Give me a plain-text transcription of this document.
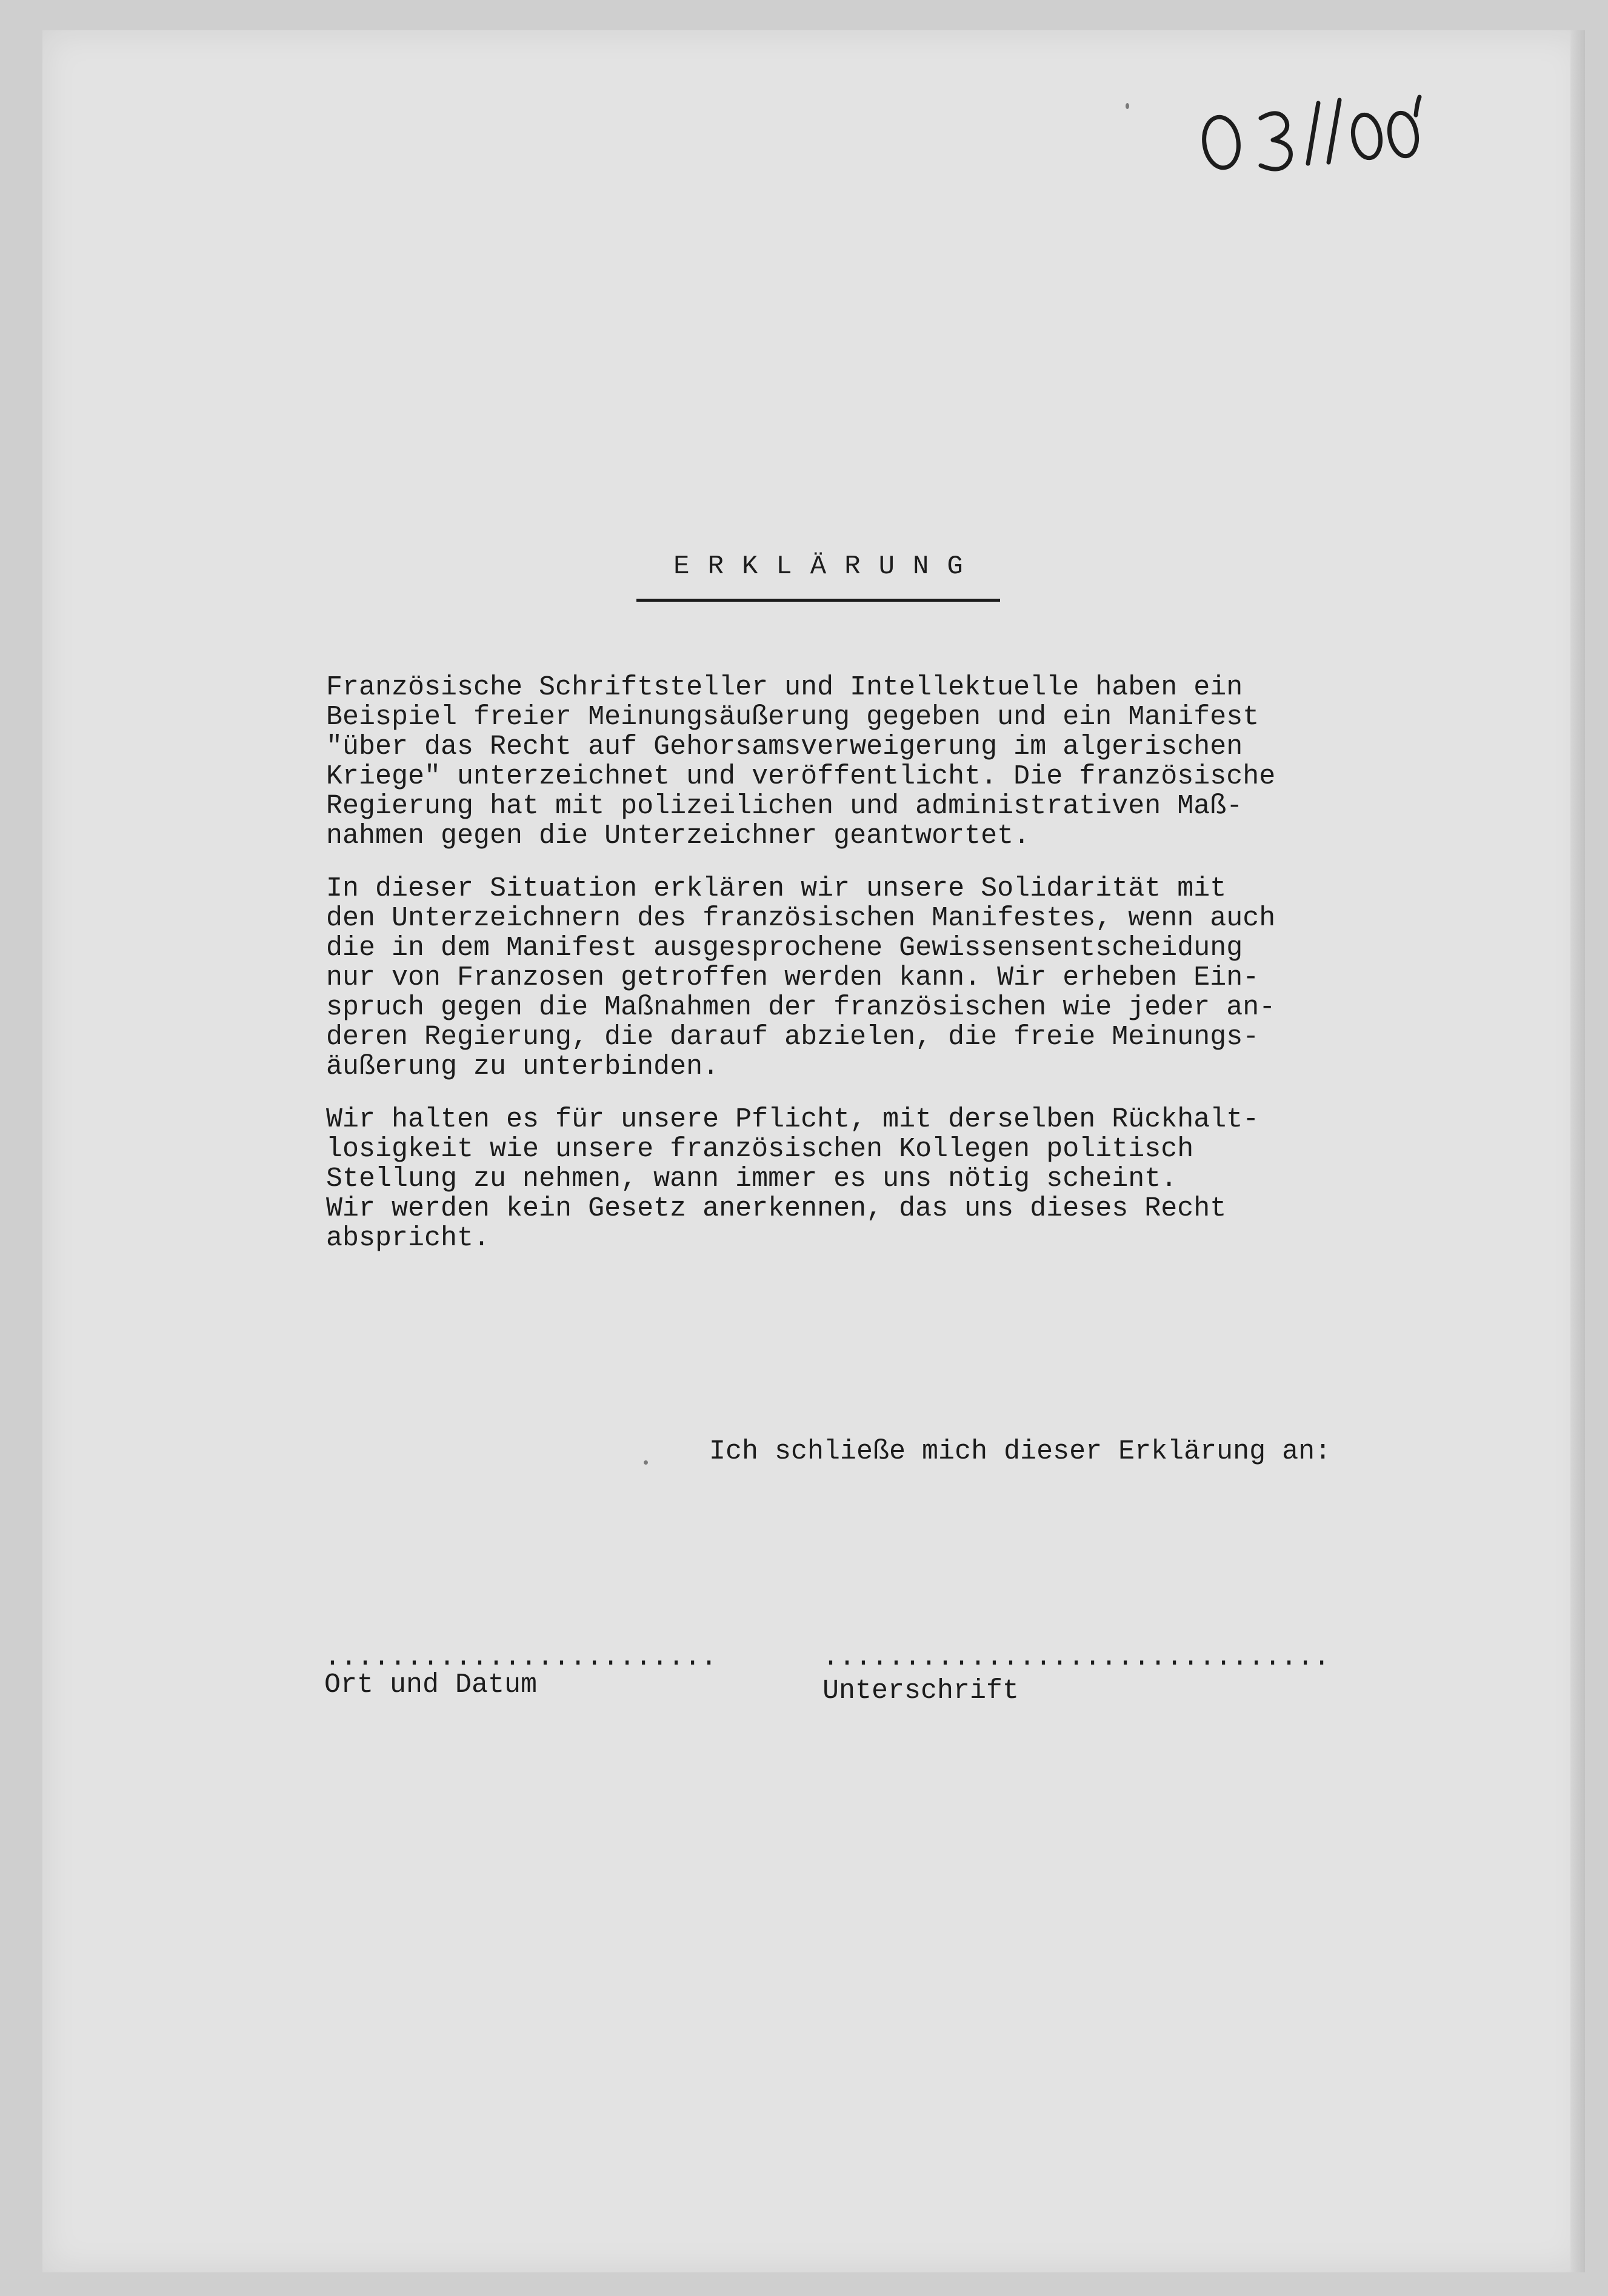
ERKLÄRUNG

Französische Schriftsteller und Intellektuelle haben ein
Beispiel freier Meinungsäußerung gegeben und ein Manifest
"über das Recht auf Gehorsamsverweigerung im algerischen
Kriege" unterzeichnet und veröffentlicht. Die französische
Regierung hat mit polizeilichen und administrativen Maß-
nahmen gegen die Unterzeichner geantwortet.

In dieser Situation erklären wir unsere Solidarität mit
den Unterzeichnern des französischen Manifestes, wenn auch
die in dem Manifest ausgesprochene Gewissensentscheidung
nur von Franzosen getroffen werden kann. Wir erheben Ein-
spruch gegen die Maßnahmen der französischen wie jeder an-
deren Regierung, die darauf abzielen, die freie Meinungs-
äußerung zu unterbinden.

Wir halten es für unsere Pflicht, mit derselben Rückhalt-
losigkeit wie unsere französischen Kollegen politisch
Stellung zu nehmen, wann immer es uns nötig scheint.
Wir werden kein Gesetz anerkennen, das uns dieses Recht
abspricht.

Ich schließe mich dieser Erklärung an:
........................	...............................
Ort und Datum	Unterschrift
